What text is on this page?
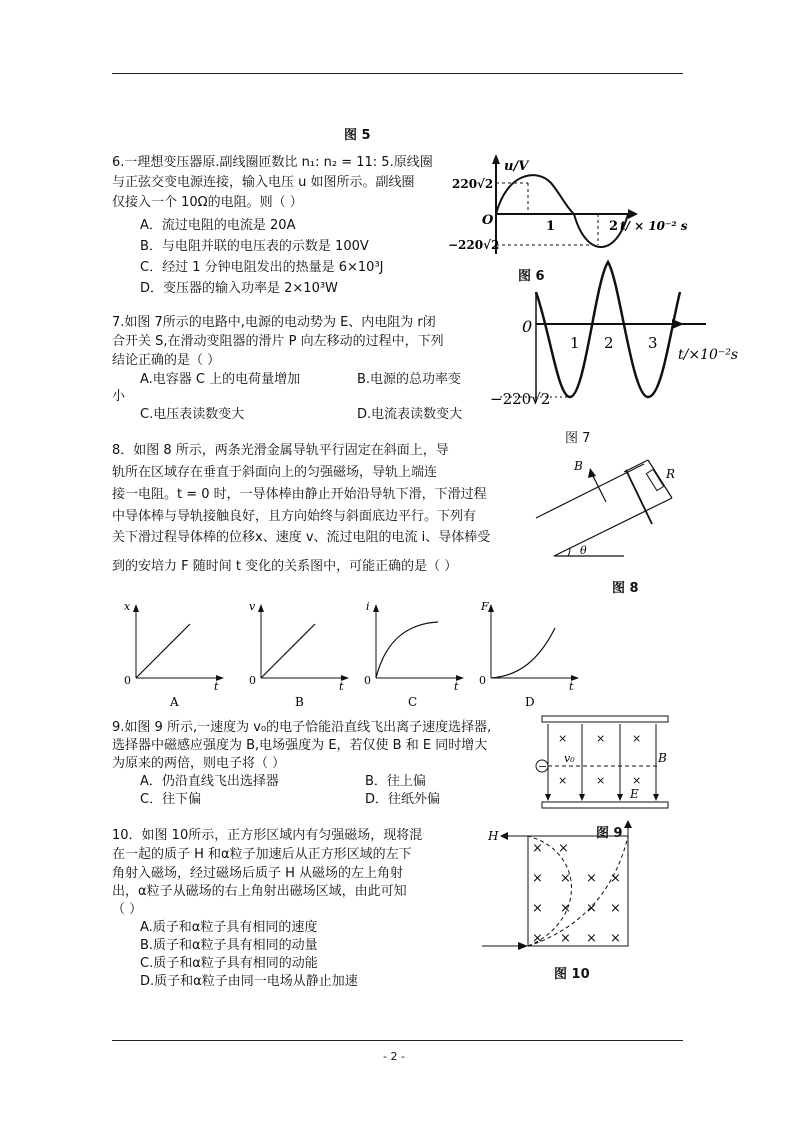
图 5
6.一理想变压器原.副线圈匝数比 n₁: n₂ = 11: 5.原线圈
与正弦交变电源连接，输入电压 u 如图所示。副线圈
仅接入一个 10Ω的电阻。则（ ）
A．流过电阻的电流是 20A
B．与电阻并联的电压表的示数是 100V
C．经过 1 分钟电阻发出的热量是 6×10³J
D．变压器的输入功率是 2×10³W
u/V
220√2
O
−220√2
1	2 t/ × 10⁻² s
图 6
7.如图 7所示的电路中,电源的电动势为 E、内电阻为 r闭
合开关 S,在滑动变阻器的滑片 P 向左移动的过程中，下列
结论正确的是（ ）
A.电容器 C 上的电荷量增加	B.电源的总功率变
小
C.电压表读数变大	D.电流表读数变大
0
1 2 3
t/×10⁻²s
−220√2
图 7
8．如图 8 所示，两条光滑金属导轨平行固定在斜面上，导
轨所在区域存在垂直于斜面向上的匀强磁场，导轨上端连
接一电阻。t = 0 时，一导体棒由静止开始沿导轨下滑，下滑过程
中导体棒与导轨接触良好，且方向始终与斜面底边平行。下列有
关下滑过程导体棒的位移x、速度 v、流过电阻的电流 i、导体棒受
到的安培力 F 随时间 t 变化的关系图中，可能正确的是（ ）
B
R
θ
图 8
x
0	t
A
v
0	t
B
i
0	t
C
F
0	t
D
9.如图 9 所示,一速度为 v₀的电子恰能沿直线飞出离子速度选择器,
选择器中磁感应强度为 B,电场强度为 E，若仅使 B 和 E 同时增大
为原来的两倍，则电子将（ ）
A．仍沿直线飞出选择器	B．往上偏
C．往下偏	D．往纸外偏
×	× ×
×	× ×
−
v₀	B
E
图 9
10．如图 10所示，正方形区域内有匀强磁场，现将混
在一起的质子 H 和α粒子加速后从正方形区域的左下
角射入磁场，经过磁场后质子 H 从磁场的左上角射
出，α粒子从磁场的右上角射出磁场区域，由此可知
（ ）
A.质子和α粒子具有相同的速度
B.质子和α粒子具有相同的动量
C.质子和α粒子具有相同的动能
D.质子和α粒子由同一电场从静止加速
× ×
× × × ×
× × × ×
× × × ×
H
图 10
- 2 -
